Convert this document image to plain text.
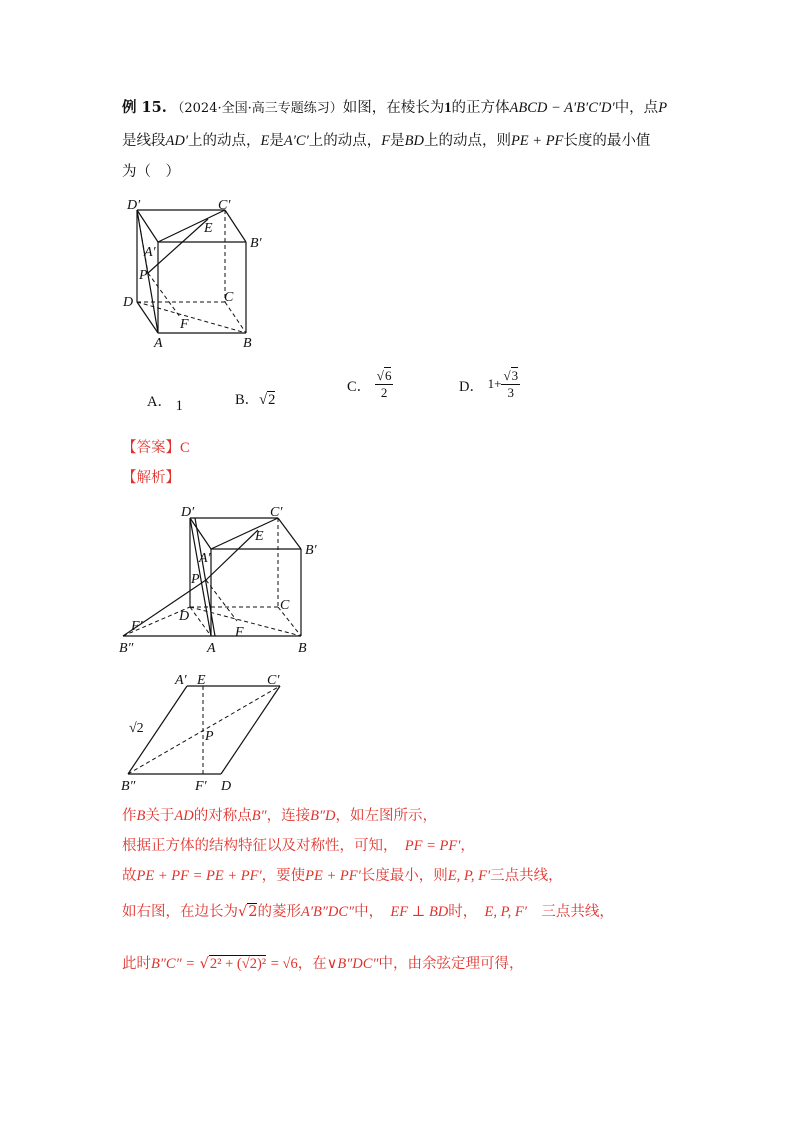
例 15. （2024·全国·高三专题练习）如图，在棱长为1的正方体ABCD − A′B′C′D′中，点P
是线段AD′上的动点，E是A′C′上的动点，F是BD上的动点，则PE + PF长度的最小值
为（　）
D′	C′
B′
A′
E
P
D	C
F
A	B
A． 1	B．√2
C． $\frac{√6}{2}$	D． $1+ \frac{√3}{3}$
【答案】C
【解析】
D′	C′
B′
A′
E
P
D
C
F
F′
B″	A	B
A′ E	C′
√2
P
B″	F′ D
作B关于AD的对称点B″，连接B″D，如左图所示，
根据正方体的结构特征以及对称性，可知，　 PF = PF′，
故PE + PF = PE + PF′，要使PE + PF′长度最小，则E, P, F′三点共线，
如右图，在边长为√2的菱形A′B″DC″中，　 EF ⊥ BD时，　 E, P, F′　 三点共线，
此时B″C″ = √2² + (√2)² = √6，在∨B″DC″中，由余弦定理可得，
